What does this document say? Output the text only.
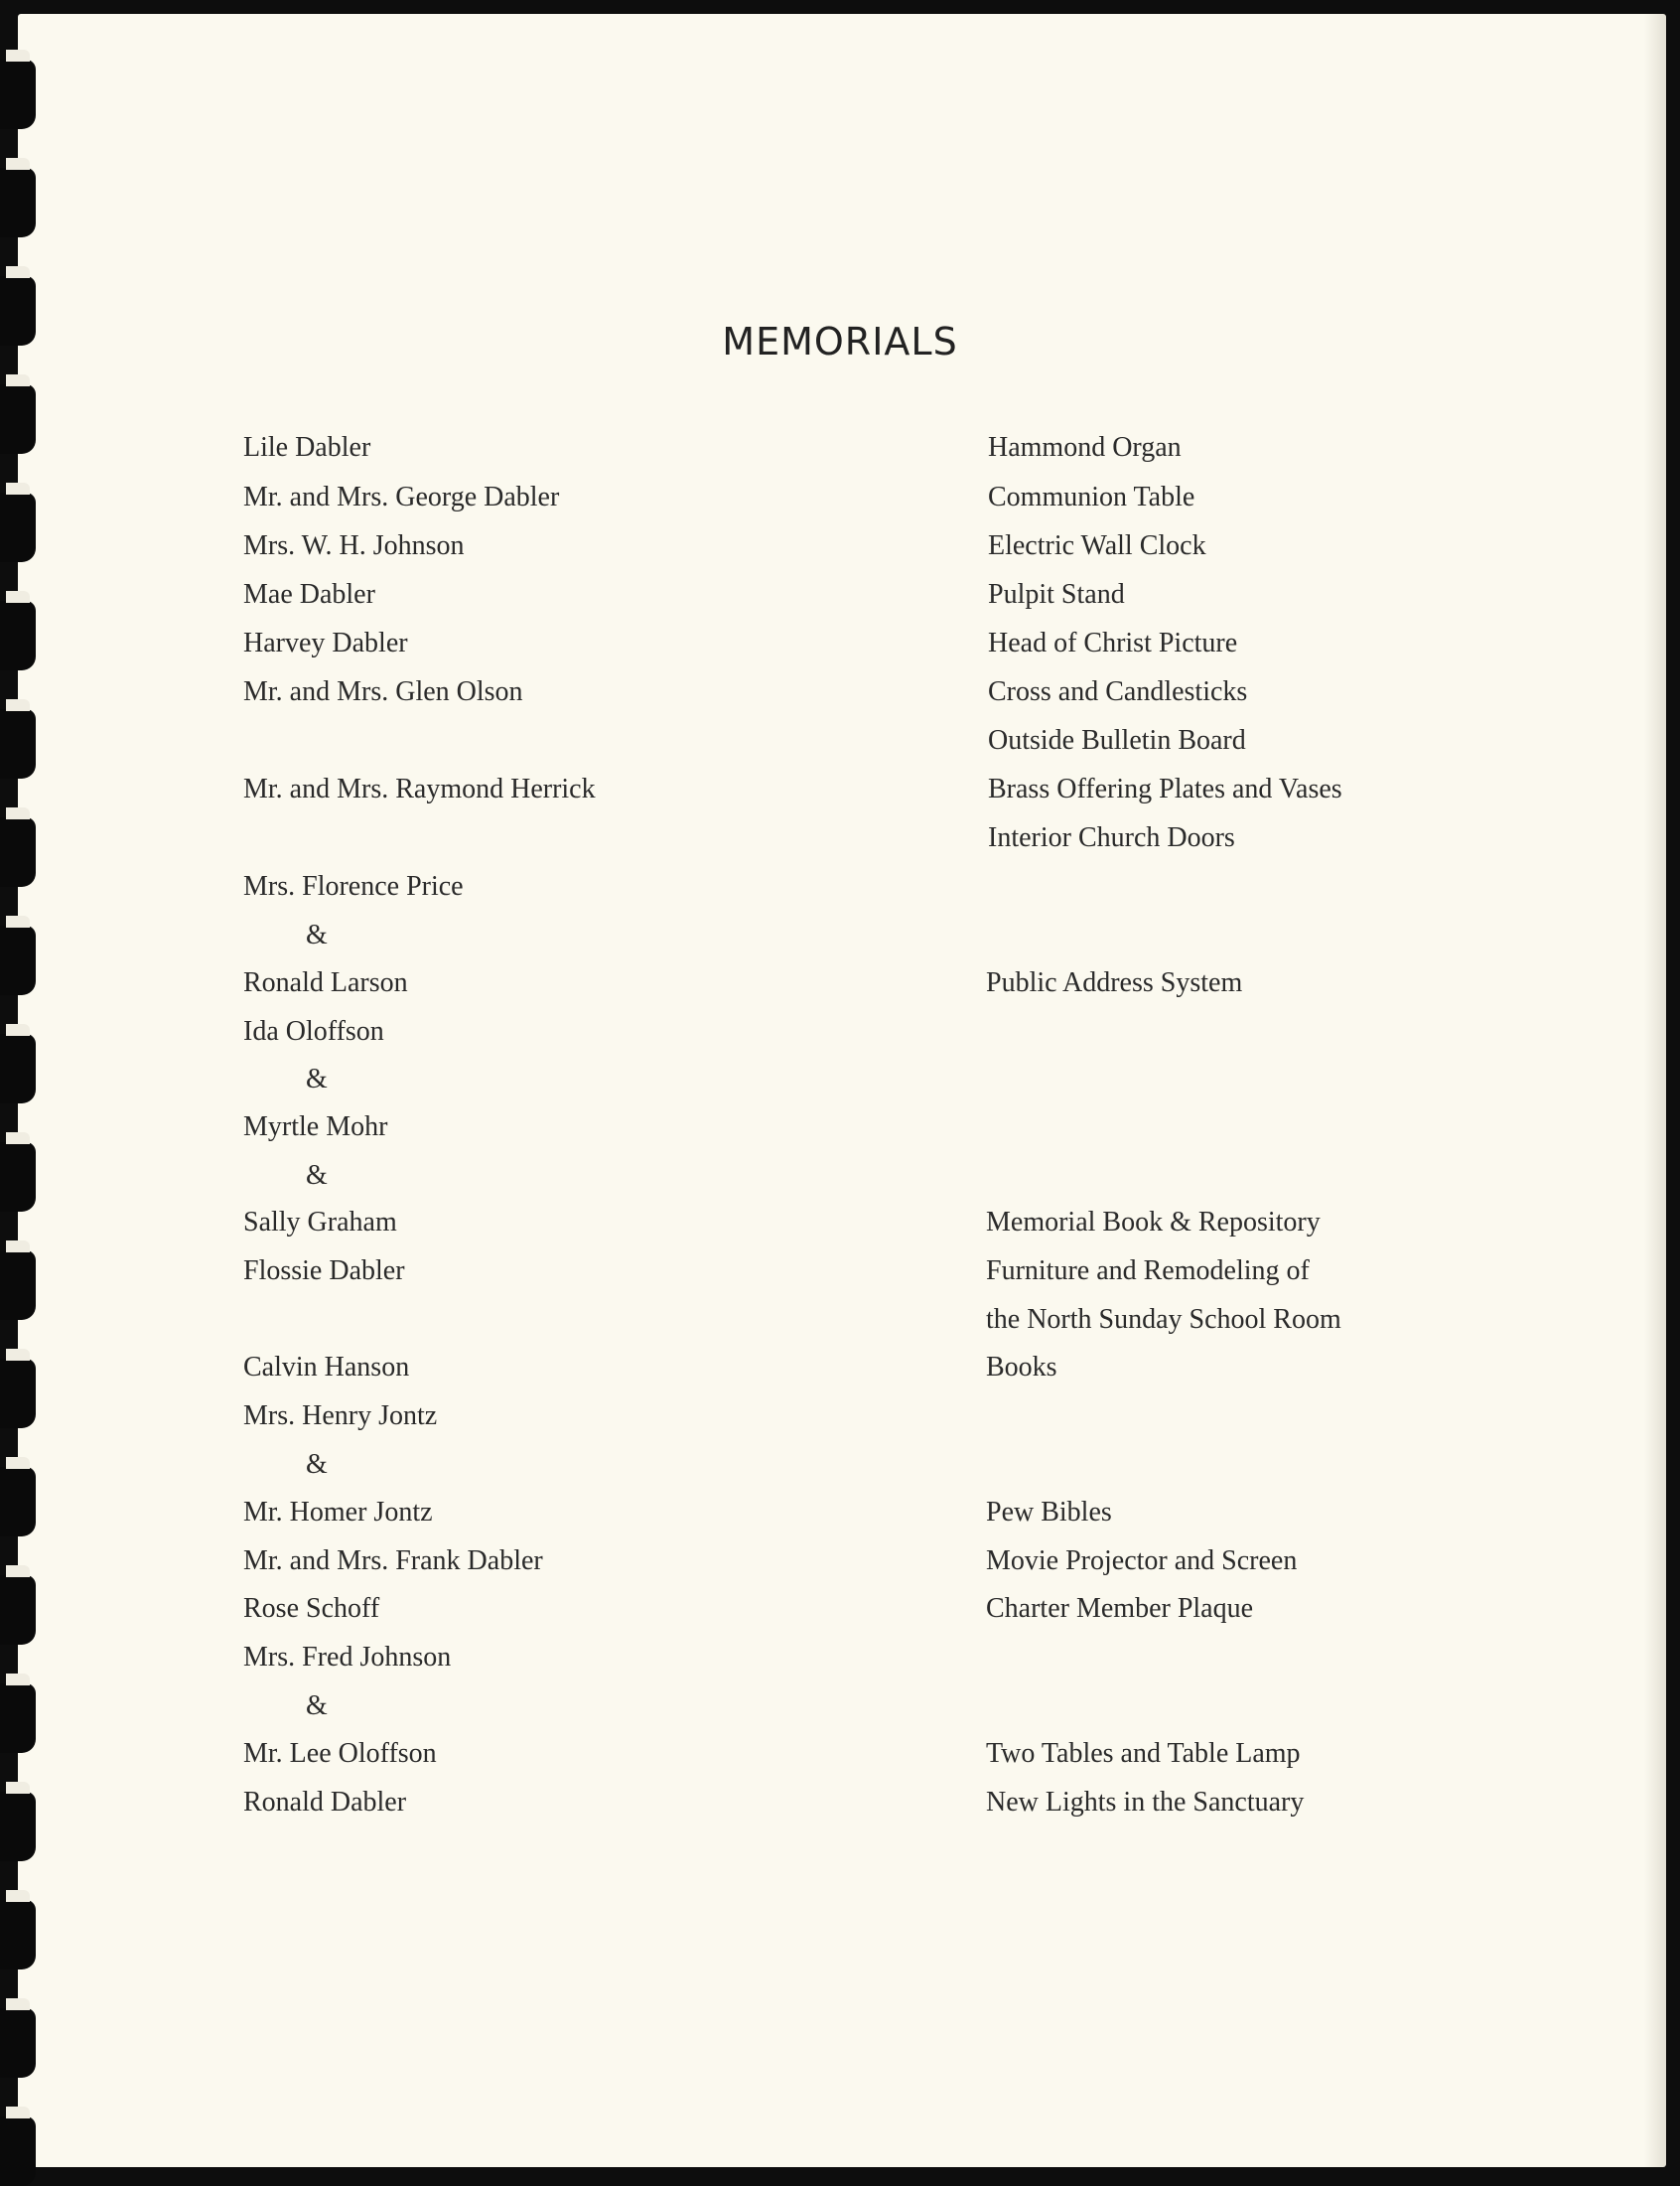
MEMORIALS
Lile Dabler
Mr. and Mrs. George Dabler
Mrs. W. H. Johnson
Mae Dabler
Harvey Dabler
Mr. and Mrs. Glen Olson
Mr. and Mrs. Raymond Herrick
Mrs. Florence Price
&
Ronald Larson
Ida Oloffson
&
Myrtle Mohr
&
Sally Graham
Flossie Dabler
Calvin Hanson
Mrs. Henry Jontz
&
Mr. Homer Jontz
Mr. and Mrs. Frank Dabler
Rose Schoff
Mrs. Fred Johnson
&
Mr. Lee Oloffson
Ronald Dabler
Hammond Organ
Communion Table
Electric Wall Clock
Pulpit Stand
Head of Christ Picture
Cross and Candlesticks
Outside Bulletin Board
Brass Offering Plates and Vases
Interior Church Doors
Public Address System
Memorial Book & Repository
Furniture and Remodeling of
the North Sunday School Room
Books
Pew Bibles
Movie Projector and Screen
Charter Member Plaque
Two Tables and Table Lamp
New Lights in the Sanctuary
